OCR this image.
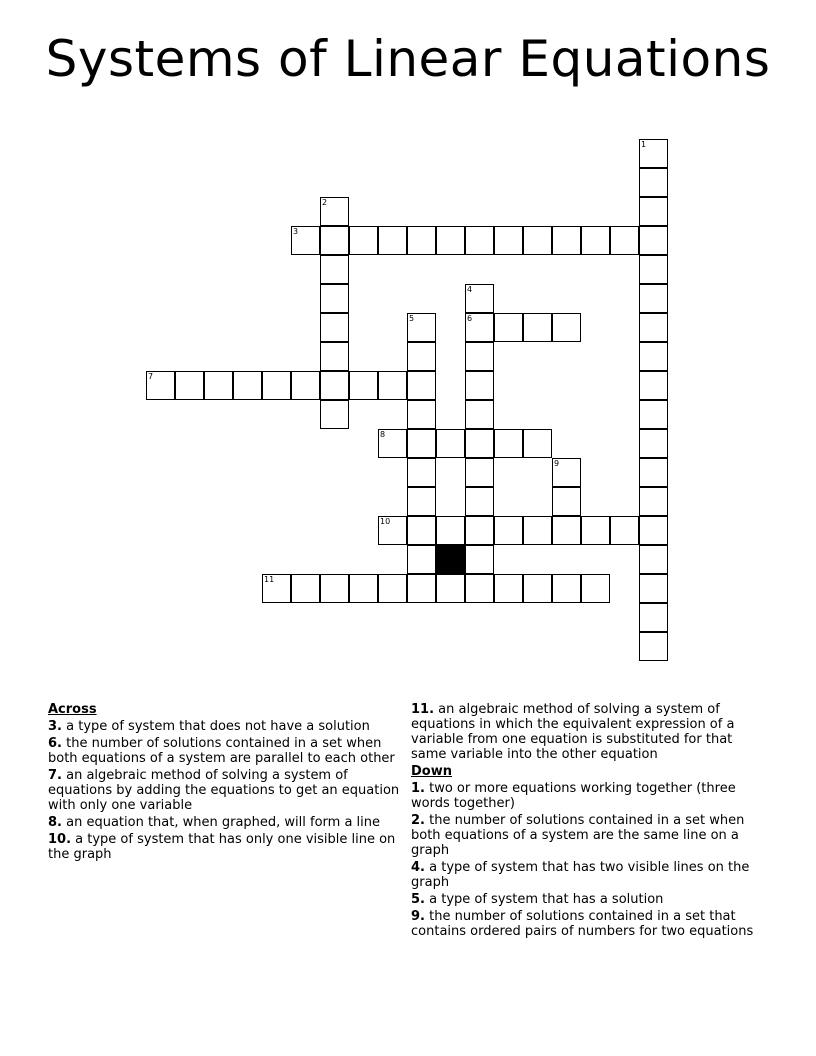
Systems of Linear Equations
1
2
3
4
5	6
7
8
9
10
11
Across
3. a type of system that does not have a solution
6. the number of solutions contained in a set when both equations of a system are parallel to each other
7. an algebraic method of solving a system of equations by adding the equations to get an equation with only one variable
8. an equation that, when graphed, will form a line
10. a type of system that has only one visible line on the graph
11. an algebraic method of solving a system of equations in which the equivalent expression of a variable from one equation is substituted for that same variable into the other equation
Down
1. two or more equations working together (three words together)
2. the number of solutions contained in a set when both equations of a system are the same line on a graph
4. a type of system that has two visible lines on the graph
5. a type of system that has a solution
9. the number of solutions contained in a set that contains ordered pairs of numbers for two equations
